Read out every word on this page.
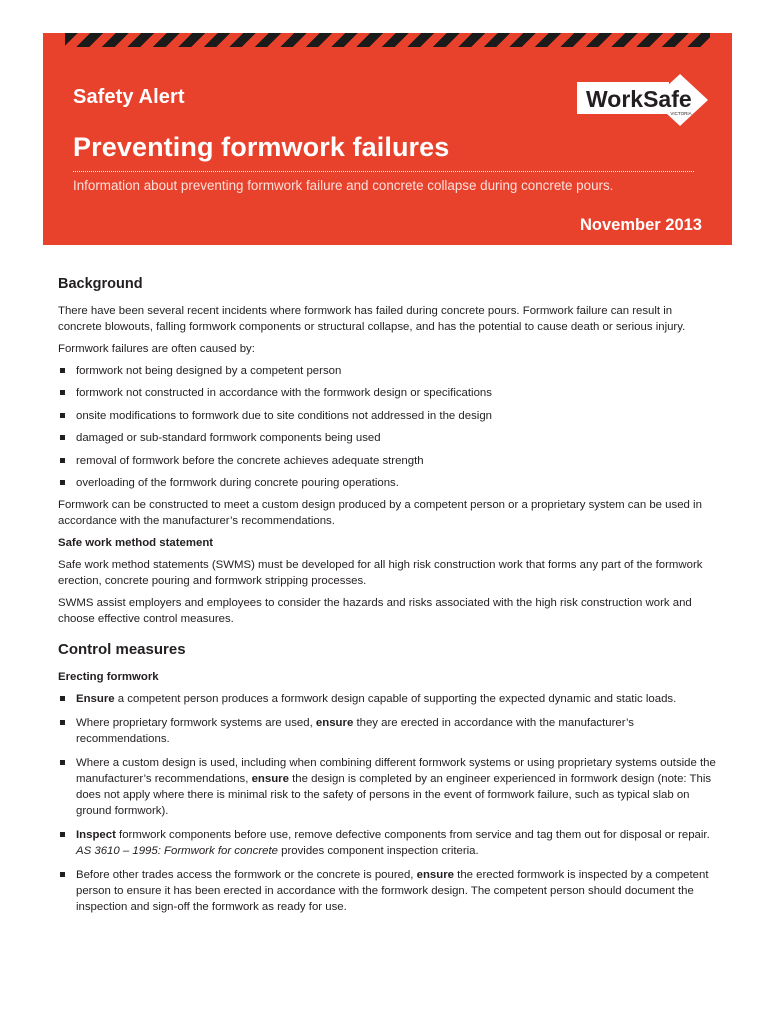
Safety Alert
Preventing formwork failures
Information about preventing formwork failure and concrete collapse during concrete pours.
November 2013
WorkSafe
VICTORIA
Background

There have been several recent incidents where formwork has failed during concrete pours. Formwork failure can result in concrete blowouts, falling formwork components or structural collapse, and has the potential to cause death or serious injury.

Formwork failures are often caused by:

formwork not being designed by a competent person
formwork not constructed in accordance with the formwork design or specifications
onsite modifications to formwork due to site conditions not addressed in the design
damaged or sub-standard formwork components being used
removal of formwork before the concrete achieves adequate strength
overloading of the formwork during concrete pouring operations.

Formwork can be constructed to meet a custom design produced by a competent person or a proprietary system can be used in accordance with the manufacturer’s recommendations.

Safe work method statement

Safe work method statements (SWMS) must be developed for all high risk construction work that forms any part of the formwork erection, concrete pouring and formwork stripping processes.

SWMS assist employers and employees to consider the hazards and risks associated with the high risk construction work and choose effective control measures.

Control measures
Erecting formwork
Ensure a competent person produces a formwork design capable of supporting the expected dynamic and static loads.
Where proprietary formwork systems are used, ensure they are erected in accordance with the manufacturer’s recommendations.
Where a custom design is used, including when combining different formwork systems or using proprietary systems outside the manufacturer’s recommendations, ensure the design is completed by an engineer experienced in formwork design (note: This does not apply where there is minimal risk to the safety of persons in the event of formwork failure, such as typical slab on ground formwork).
Inspect formwork components before use, remove defective components from service and tag them out for disposal or repair. AS 3610 – 1995: Formwork for concrete provides component inspection criteria.
Before other trades access the formwork or the concrete is poured, ensure the erected formwork is inspected by a competent person to ensure it has been erected in accordance with the formwork design. The competent person should document the inspection and sign-off the formwork as ready for use.
